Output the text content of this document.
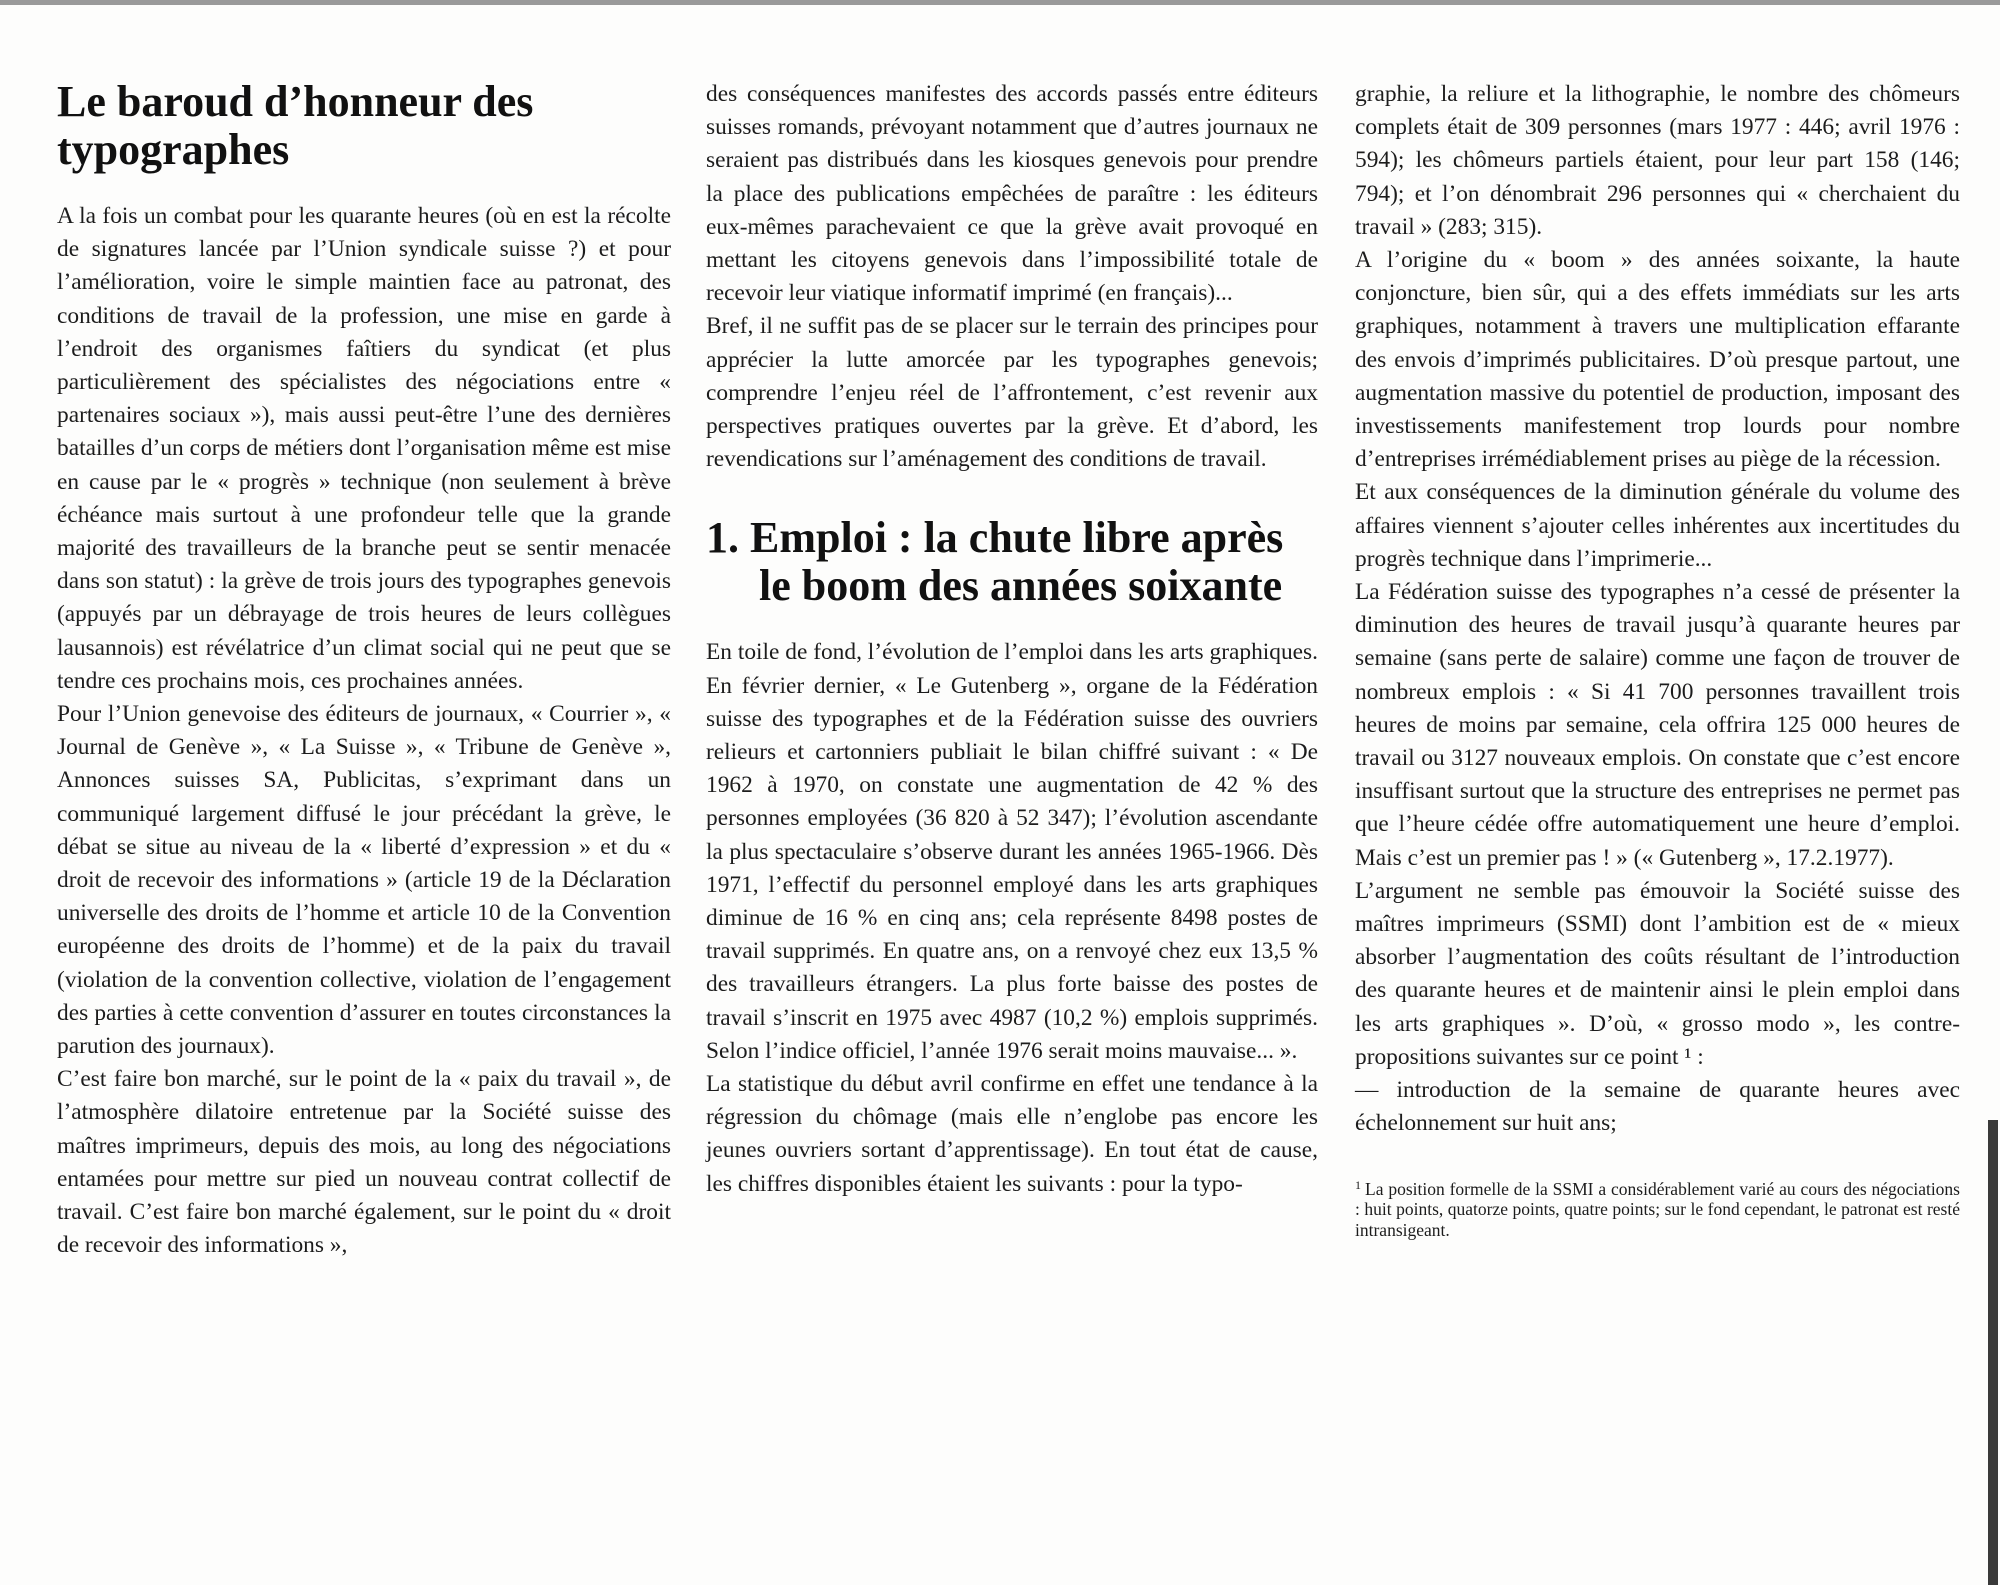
Le baroud d’honneur des typographes

A la fois un combat pour les quarante heures (où en est la récolte de signatures lancée par l’Union syndicale suisse ?) et pour l’amélioration, voire le simple maintien face au patronat, des conditions de travail de la profession, une mise en garde à l’endroit des organismes faîtiers du syndicat (et plus particulièrement des spécialistes des négociations entre « partenaires sociaux »), mais aussi peut-être l’une des dernières batailles d’un corps de métiers dont l’organisation même est mise en cause par le « progrès » technique (non seulement à brève échéance mais surtout à une profondeur telle que la grande majorité des travailleurs de la branche peut se sentir menacée dans son statut) : la grève de trois jours des typographes genevois (appuyés par un débrayage de trois heures de leurs collègues lausannois) est révélatrice d’un climat social qui ne peut que se tendre ces prochains mois, ces prochaines années.

Pour l’Union genevoise des éditeurs de journaux, « Courrier », « Journal de Genève », « La Suisse », « Tribune de Genève », Annonces suisses SA, Publicitas, s’exprimant dans un communiqué largement diffusé le jour précédant la grève, le débat se situe au niveau de la « liberté d’expression » et du « droit de recevoir des informations » (article 19 de la Déclaration universelle des droits de l’homme et article 10 de la Convention européenne des droits de l’homme) et de la paix du travail (violation de la convention collective, violation de l’engagement des parties à cette convention d’assurer en toutes circonstances la parution des journaux).

C’est faire bon marché, sur le point de la « paix du travail », de l’atmosphère dilatoire entretenue par la Société suisse des maîtres imprimeurs, depuis des mois, au long des négociations entamées pour mettre sur pied un nouveau contrat collectif de travail. C’est faire bon marché également, sur le point du « droit de recevoir des informations »,

des conséquences manifestes des accords passés entre éditeurs suisses romands, prévoyant notamment que d’autres journaux ne seraient pas distribués dans les kiosques genevois pour prendre la place des publications empêchées de paraître : les éditeurs eux-mêmes parachevaient ce que la grève avait provoqué en mettant les citoyens genevois dans l’impossibilité totale de recevoir leur viatique informatif imprimé (en français)...

Bref, il ne suffit pas de se placer sur le terrain des principes pour apprécier la lutte amorcée par les typographes genevois; comprendre l’enjeu réel de l’affrontement, c’est revenir aux perspectives pratiques ouvertes par la grève. Et d’abord, les revendications sur l’aménagement des conditions de travail.

1. Emploi : la chute libre après le boom des années soixante

En toile de fond, l’évolution de l’emploi dans les arts graphiques. En février dernier, « Le Gutenberg », organe de la Fédération suisse des typographes et de la Fédération suisse des ouvriers relieurs et cartonniers publiait le bilan chiffré suivant : « De 1962 à 1970, on constate une augmentation de 42 % des personnes employées (36 820 à 52 347); l’évolution ascendante la plus spectaculaire s’observe durant les années 1965-1966. Dès 1971, l’effectif du personnel employé dans les arts graphiques diminue de 16 % en cinq ans; cela représente 8498 postes de travail supprimés. En quatre ans, on a renvoyé chez eux 13,5 % des travailleurs étrangers. La plus forte baisse des postes de travail s’inscrit en 1975 avec 4987 (10,2 %) emplois supprimés. Selon l’indice officiel, l’année 1976 serait moins mauvaise... ».

La statistique du début avril confirme en effet une tendance à la régression du chômage (mais elle n’englobe pas encore les jeunes ouvriers sortant d’apprentissage). En tout état de cause, les chiffres disponibles étaient les suivants : pour la typo-

graphie, la reliure et la lithographie, le nombre des chômeurs complets était de 309 personnes (mars 1977 : 446; avril 1976 : 594); les chômeurs partiels étaient, pour leur part 158 (146; 794); et l’on dénombrait 296 personnes qui « cherchaient du travail » (283; 315).

A l’origine du « boom » des années soixante, la haute conjoncture, bien sûr, qui a des effets immédiats sur les arts graphiques, notamment à travers une multiplication effarante des envois d’imprimés publicitaires. D’où presque partout, une augmentation massive du potentiel de production, imposant des investissements manifestement trop lourds pour nombre d’entreprises irrémédiablement prises au piège de la récession.

Et aux conséquences de la diminution générale du volume des affaires viennent s’ajouter celles inhérentes aux incertitudes du progrès technique dans l’imprimerie...

La Fédération suisse des typographes n’a cessé de présenter la diminution des heures de travail jusqu’à quarante heures par semaine (sans perte de salaire) comme une façon de trouver de nombreux emplois : « Si 41 700 personnes travaillent trois heures de moins par semaine, cela offrira 125 000 heures de travail ou 3127 nouveaux emplois. On constate que c’est encore insuffisant surtout que la structure des entreprises ne permet pas que l’heure cédée offre automatiquement une heure d’emploi. Mais c’est un premier pas ! » (« Gutenberg », 17.2.1977).

L’argument ne semble pas émouvoir la Société suisse des maîtres imprimeurs (SSMI) dont l’ambition est de « mieux absorber l’augmentation des coûts résultant de l’introduction des quarante heures et de maintenir ainsi le plein emploi dans les arts graphiques ». D’où, « grosso modo », les contre-propositions suivantes sur ce point ¹ :

— introduction de la semaine de quarante heures avec échelonnement sur huit ans;

$^1$ La position formelle de la SSMI a considérablement varié au cours des négociations : huit points, quatorze points, quatre points; sur le fond cependant, le patronat est resté intransigeant.
